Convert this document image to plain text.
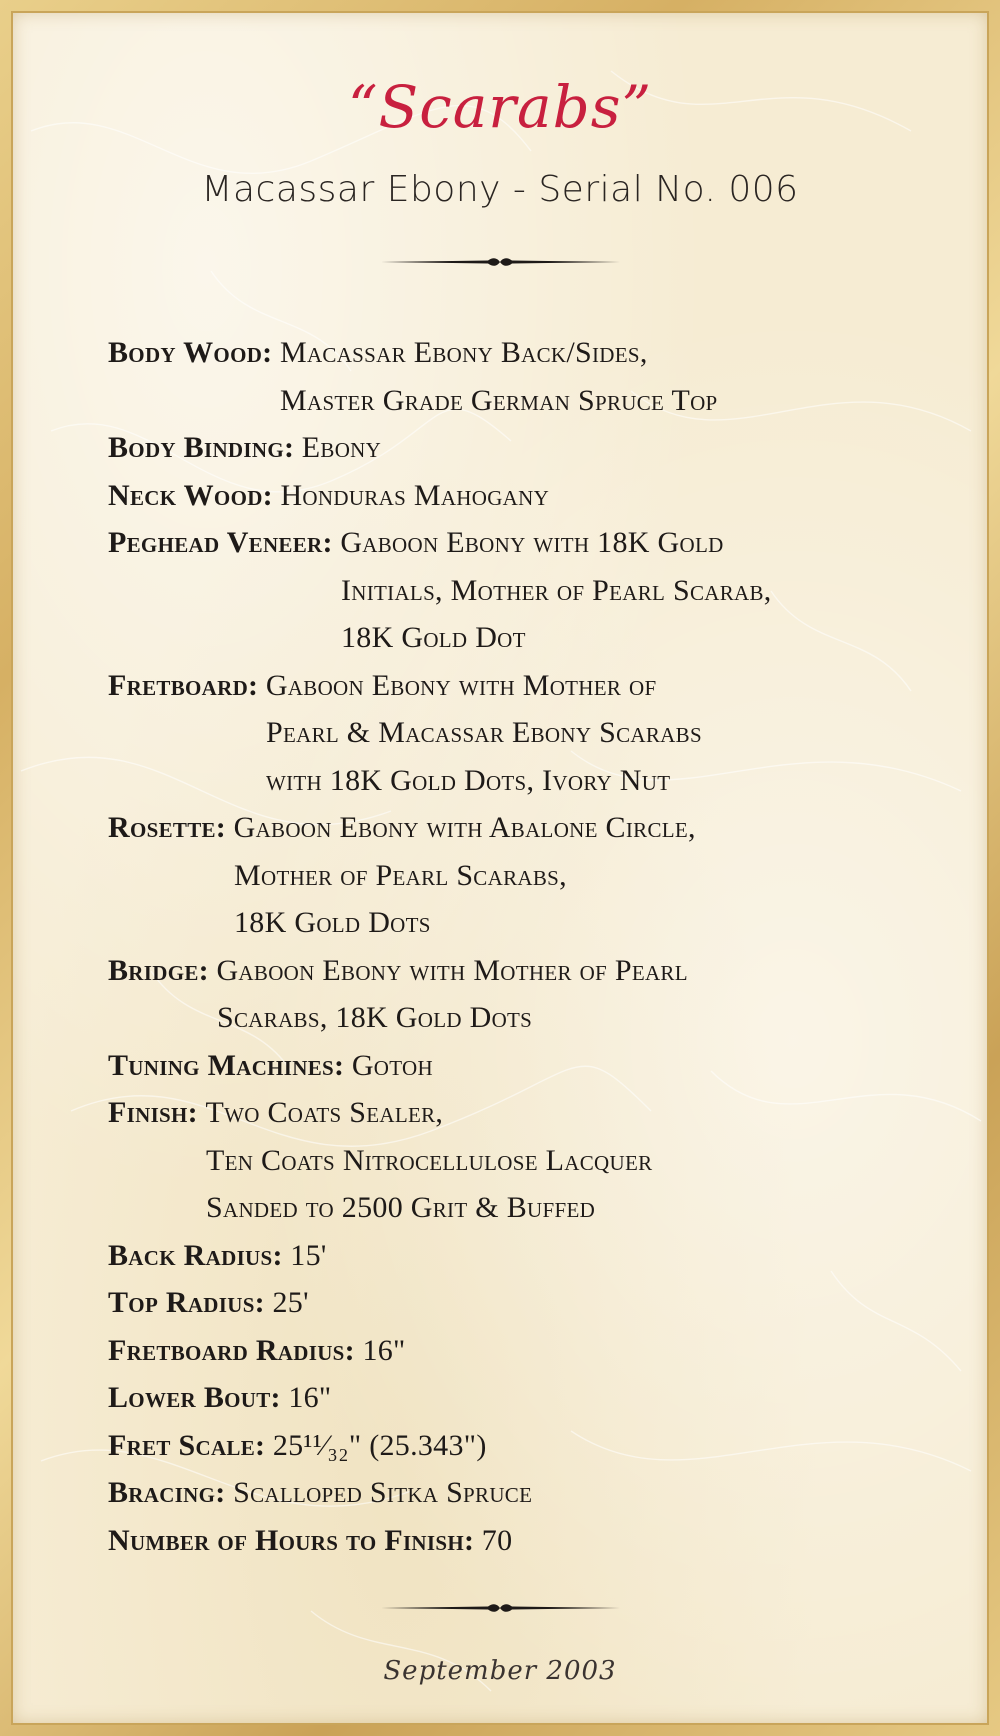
“Scarabs”
Macassar Ebony - Serial No. 006
Body Wood: Macassar Ebony Back/Sides,
Master Grade German Spruce Top
Body Binding: Ebony
Neck Wood: Honduras Mahogany
Peghead Veneer: Gaboon Ebony with 18K Gold
Initials, Mother of Pearl Scarab,
18K Gold Dot
Fretboard: Gaboon Ebony with Mother of
Pearl & Macassar Ebony Scarabs
with 18K Gold Dots, Ivory Nut
Rosette: Gaboon Ebony with Abalone Circle,
Mother of Pearl Scarabs,
18K Gold Dots
Bridge: Gaboon Ebony with Mother of Pearl
Scarabs, 18K Gold Dots
Tuning Machines: Gotoh
Finish: Two Coats Sealer,
Ten Coats Nitrocellulose Lacquer
Sanded to 2500 Grit & Buffed
Back Radius: 15'
Top Radius: 25'
Fretboard Radius: 16"
Lower Bout: 16"
Fret Scale: 25¹¹⁄₃₂" (25.343")
Bracing: Scalloped Sitka Spruce
Number of Hours to Finish: 70
September 2003
